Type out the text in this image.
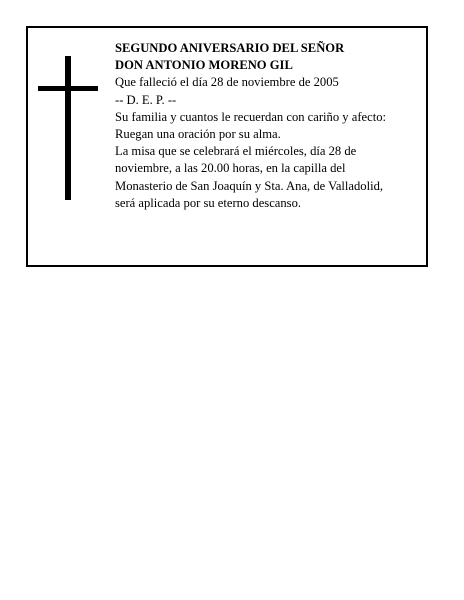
SEGUNDO ANIVERSARIO DEL SEÑOR
DON ANTONIO MORENO GIL
Que falleció el día 28 de noviembre de 2005
-- D. E. P. --
Su familia y cuantos le recuerdan con cariño y afecto:
Ruegan una oración por su alma.
La misa que se celebrará el miércoles, día 28 de
noviembre, a las 20.00 horas, en la capilla del
Monasterio de San Joaquín y Sta. Ana, de Valladolid,
será aplicada por su eterno descanso.
